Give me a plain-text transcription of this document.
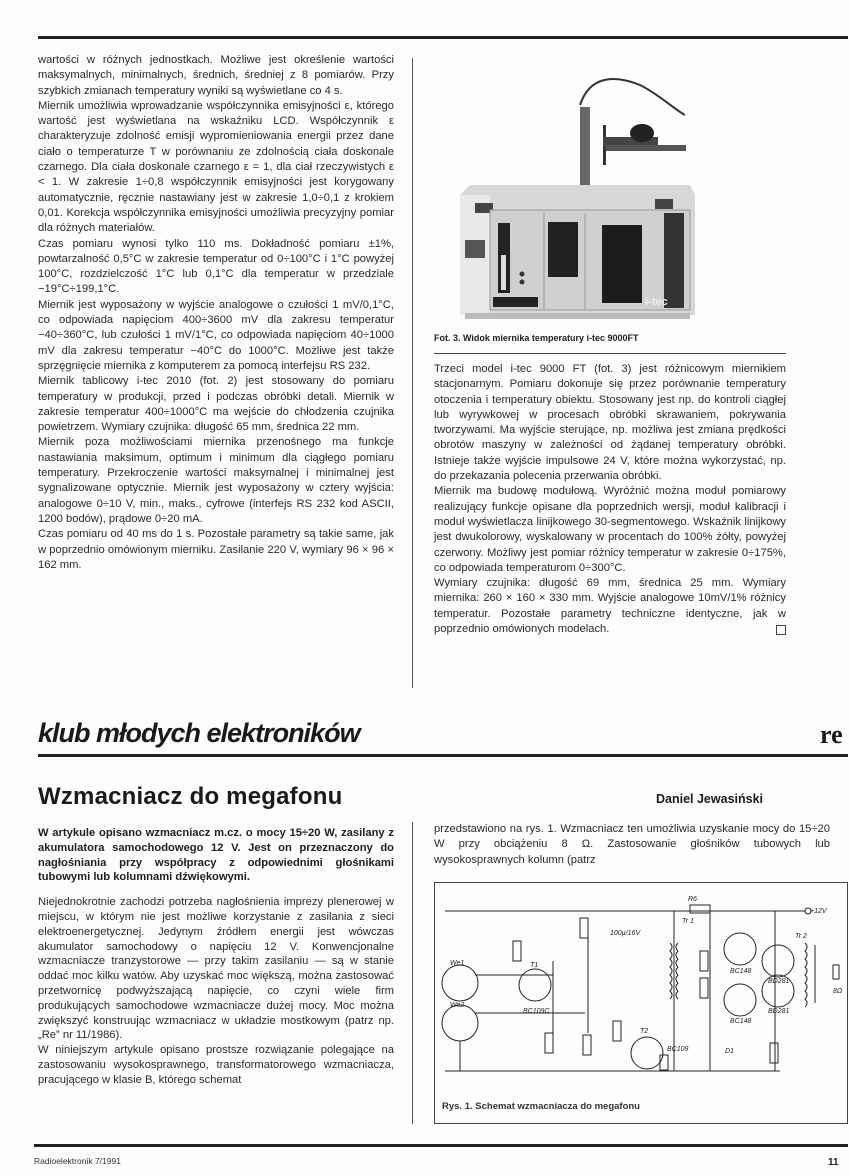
wartości w różnych jednostkach. Możliwe jest określenie wartości maksymalnych, minimalnych, średnich, średniej z 8 pomiarów. Przy szybkich zmianach temperatury wyniki są wyświetlane co 4 s.

Miernik umożliwia wprowadzanie współczynnika emisyjności ε, którego wartość jest wyświetlana na wskaźniku LCD. Współczynnik ε charakteryzuje zdolność emisji wypromieniowania energii przez dane ciało o temperaturze T w porównaniu ze zdolnością ciała doskonale czarnego. Dla ciała doskonale czarnego ε = 1, dla ciał rzeczywistych ε < 1. W zakresie 1÷0,8 współczynnik emisyjności jest korygowany automatycznie, ręcznie nastawiany jest w zakresie 1,0÷0,1 z krokiem 0,01. Korekcja współczynnika emisyjności umożliwia precyzyjny pomiar dla różnych materiałów.

Czas pomiaru wynosi tylko 110 ms. Dokładność pomiaru ±1%, powtarzalność 0,5°C w zakresie temperatur od 0÷100°C i 1°C powyżej 100°C, rozdzielczość 1°C lub 0,1°C dla temperatur w przedziale −19°C÷199,1°C.

Miernik jest wyposażony w wyjście analogowe o czułości 1 mV/0,1°C, co odpowiada napięciom 400÷3600 mV dla zakresu temperatur −40÷360°C, lub czułości 1 mV/1°C, co odpowiada napięciom 40÷1000 mV dla zakresu temperatur −40°C do 1000°C. Możliwe jest także sprzęgnięcie miernika z komputerem za pomocą interfejsu RS 232.

Miernik tablicowy i-tec 2010 (fot. 2) jest stosowany do pomiaru temperatury w produkcji, przed i podczas obróbki detali. Miernik w zakresie temperatur 400÷1000°C ma wejście do chłodzenia czujnika powietrzem. Wymiary czujnika: długość 65 mm, średnica 22 mm.

Miernik poza możliwościami miernika przenośnego ma funkcje nastawiania maksimum, optimum i minimum dla ciągłego pomiaru temperatury. Przekroczenie wartości maksymalnej i minimalnej jest sygnalizowane optycznie. Miernik jest wyposażony w cztery wyjścia: analogowe 0÷10 V, min., maks., cyfrowe (interfejs RS 232 kod ASCII, 1200 bodów), prądowe 0÷20 mA.

Czas pomiaru od 40 ms do 1 s. Pozostałe parametry są takie same, jak w poprzednio omówionym mierniku. Zasilanie 220 V, wymiary 96 × 96 × 162 mm.

i-tec
Fot. 3. Widok miernika temperatury i-tec 9000FT

Trzeci model i-tec 9000 FT (fot. 3) jest różnicowym miernikiem stacjonarnym. Pomiaru dokonuje się przez porównanie temperatury otoczenia i temperatury obiektu. Stosowany jest np. do kontroli ciągłej lub wyrywkowej w procesach obróbki skrawaniem, pokrywania tworzywami. Ma wyjście sterujące, np. możliwa jest zmiana prędkości obrotów maszyny w zależności od żądanej temperatury obróbki. Istnieje także wyjście impulsowe 24 V, które można wykorzystać, np. do przekazania polecenia przerwania obróbki.

Miernik ma budowę modułową. Wyróżnić można moduł pomiarowy realizujący funkcje opisane dla poprzednich wersji, moduł kalibracji i moduł wyświetlacza linijkowego 30-segmentowego. Wskaźnik linijkowy jest dwukolorowy, wyskalowany w procentach do 100% żółty, powyżej czerwony. Możliwy jest pomiar różnicy temperatur w zakresie 0÷175%, co odpowiada temperaturom 0÷300°C.

Wymiary czujnika: długość 69 mm, średnica 25 mm. Wymiary miernika: 260 × 160 × 330 mm. Wyjście analogowe 10mV/1% różnicy temperatur. Pozostałe parametry techniczne identyczne, jak w poprzednio omówionych modelach.

klub młodych elektroników	re
Wzmacniacz do megafonu	Daniel Jewasiński

W artykule opisano wzmacniacz m.cz. o mocy 15÷20 W, zasilany z akumulatora samochodowego 12 V. Jest on przeznaczony do nagłośniania przy współpracy z odpowiednimi głośnikami tubowymi lub kolumnami dźwiękowymi.

Niejednokrotnie zachodzi potrzeba nagłośnienia imprezy plenerowej w miejscu, w którym nie jest możliwe korzystanie z zasilania z sieci elektroenergetycznej. Jedynym źródłem energii jest wówczas akumulator samochodowy o napięciu 12 V. Konwencjonalne wzmacniacze tranzystorowe — przy takim zasilaniu — są w stanie oddać moc kilku watów. Aby uzyskać moc większą, można zastosować przetwornicę podwyższającą napięcie, co czyni wiele firm produkujących samochodowe wzmacniacze dużej mocy. Moc można zwiększyć konstruując wzmacniacz w układzie mostkowym (patrz np. „Re” nr 11/1986).

W niniejszym artykule opisano prostsze rozwiązanie polegające na zastosowaniu wysokosprawnego, transformatorowego wzmacniacza, pracującego w klasie B, którego schemat

przedstawiono na rys. 1. Wzmacniacz ten umożliwia uzyskanie mocy do 15÷20 W przy obciążeniu 8 Ω. Zastosowanie głośników tubowych lub wysokosprawnych kolumn (patrz

+12V
We1
We2
T1
BC109C
100µ/16V
R6
Tr 1
Tr 2
BC148
BD281
BC148
BD281
8Ω
T2
BC109	D1
Rys. 1. Schemat wzmacniacza do megafonu
Radioelektronik 7/1991	11
